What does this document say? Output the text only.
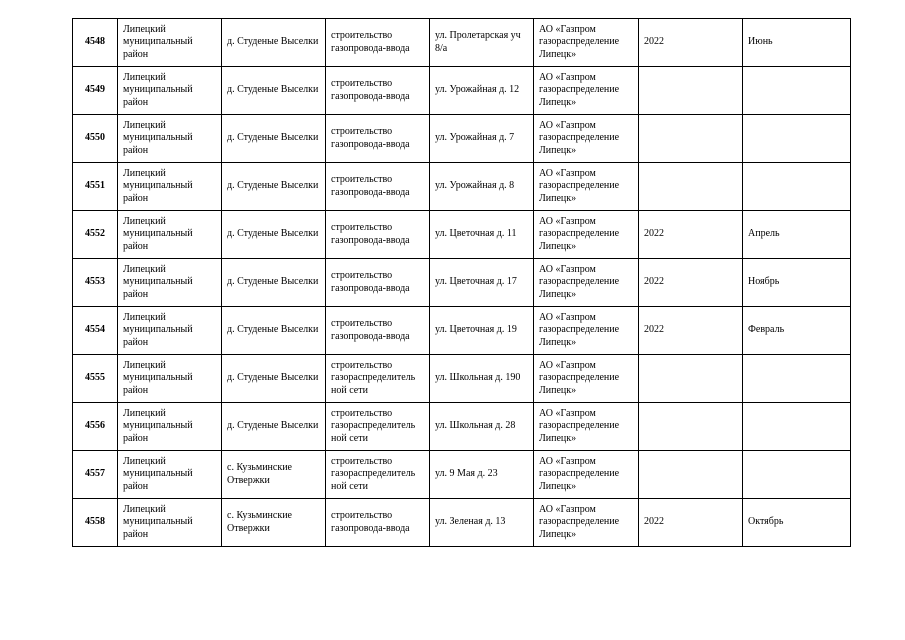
4548	Липецкий муниципальный район	д. Студеные Выселки	строительство газопровода-ввода	ул. Пролетарская уч 8/а	АО «Газпром газораспределение Липецк»	2022	Июнь
4549	Липецкий муниципальный район	д. Студеные Выселки	строительство газопровода-ввода	ул. Урожайная д. 12	АО «Газпром газораспределение Липецк»		
4550	Липецкий муниципальный район	д. Студеные Выселки	строительство газопровода-ввода	ул. Урожайная д. 7	АО «Газпром газораспределение Липецк»		
4551	Липецкий муниципальный район	д. Студеные Выселки	строительство газопровода-ввода	ул. Урожайная д. 8	АО «Газпром газораспределение Липецк»		
4552	Липецкий муниципальный район	д. Студеные Выселки	строительство газопровода-ввода	ул. Цветочная д. 11	АО «Газпром газораспределение Липецк»	2022	Апрель
4553	Липецкий муниципальный район	д. Студеные Выселки	строительство газопровода-ввода	ул. Цветочная д. 17	АО «Газпром газораспределение Липецк»	2022	Ноябрь
4554	Липецкий муниципальный район	д. Студеные Выселки	строительство газопровода-ввода	ул. Цветочная д. 19	АО «Газпром газораспределение Липецк»	2022	Февраль
4555	Липецкий муниципальный район	д. Студеные Выселки	строительство газораспределитель ной сети	ул. Школьная д. 190	АО «Газпром газораспределение Липецк»		
4556	Липецкий муниципальный район	д. Студеные Выселки	строительство газораспределитель ной сети	ул. Школьная д. 28	АО «Газпром газораспределение Липецк»		
4557	Липецкий муниципальный район	с. Кузьминские Отвержки	строительство газораспределитель ной сети	ул. 9 Мая д. 23	АО «Газпром газораспределение Липецк»		
4558	Липецкий муниципальный район	с. Кузьминские Отвержки	строительство газопровода-ввода	ул. Зеленая д. 13	АО «Газпром газораспределение Липецк»	2022	Октябрь
